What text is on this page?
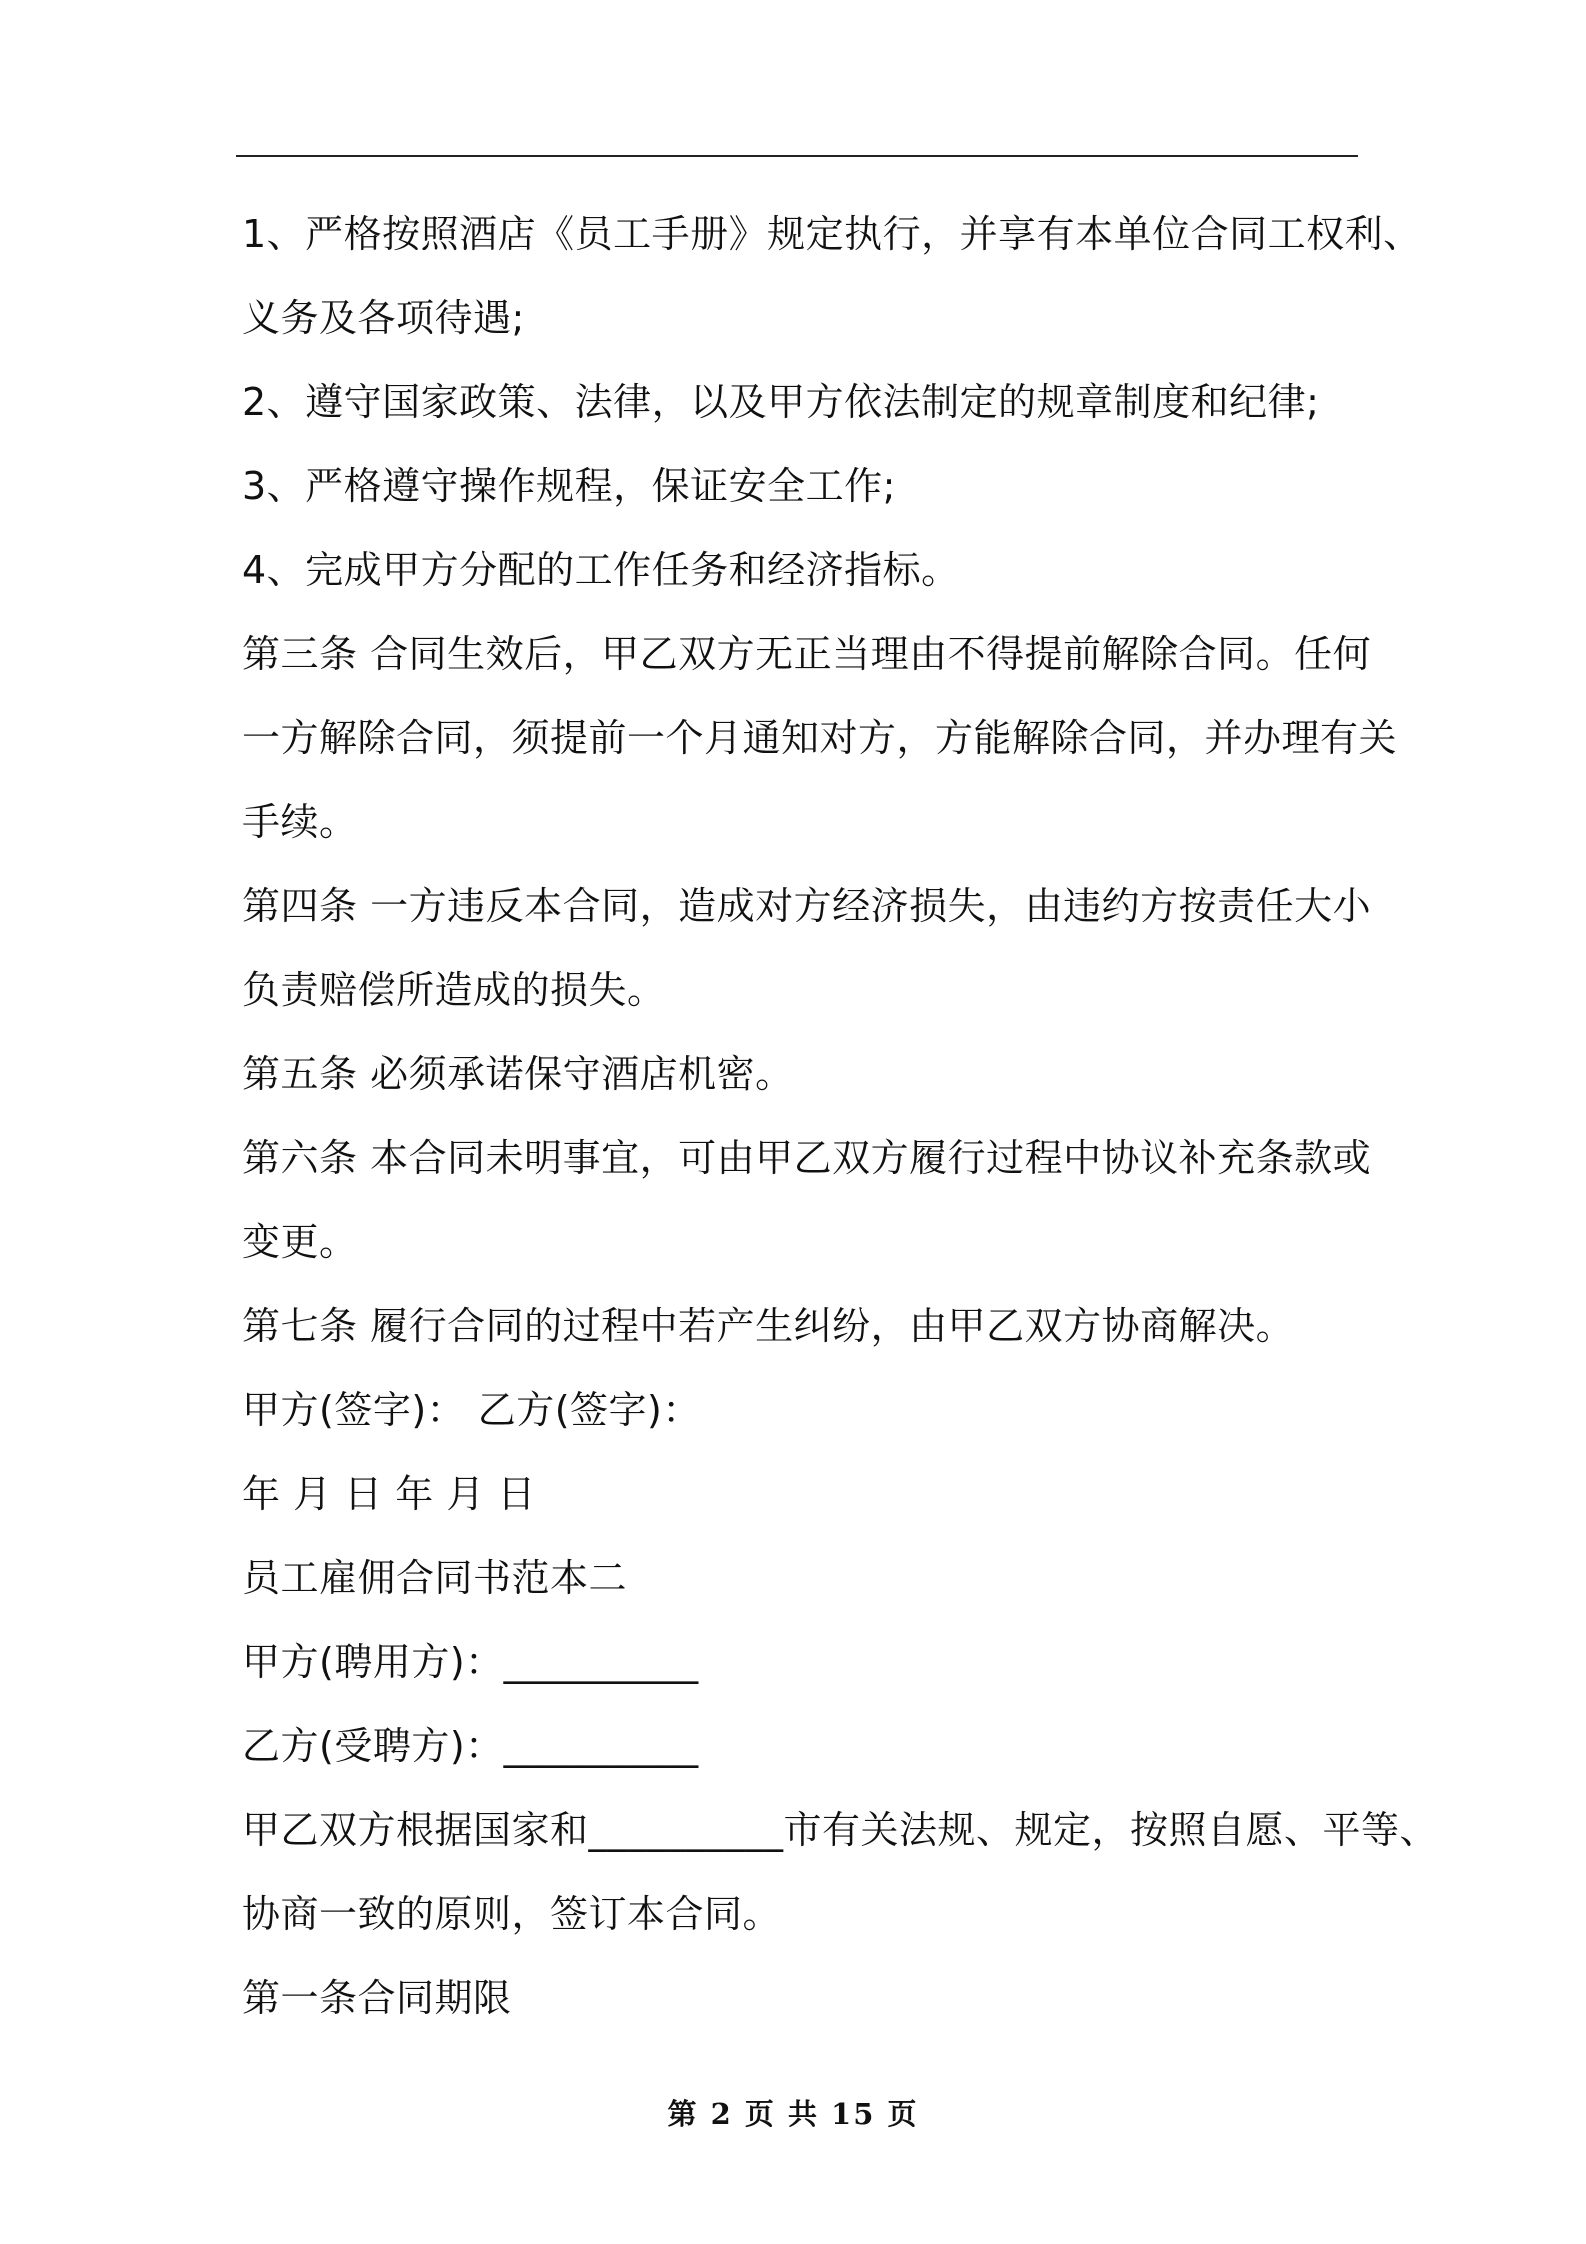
1、严格按照酒店《员工手册》规定执行，并享有本单位合同工权利、
义务及各项待遇;
2、遵守国家政策、法律，以及甲方依法制定的规章制度和纪律;
3、严格遵守操作规程，保证安全工作;
4、完成甲方分配的工作任务和经济指标。
第三条 合同生效后，甲乙双方无正当理由不得提前解除合同。任何
一方解除合同，须提前一个月通知对方，方能解除合同，并办理有关
手续。
第四条 一方违反本合同，造成对方经济损失，由违约方按责任大小
负责赔偿所造成的损失。
第五条 必须承诺保守酒店机密。
第六条 本合同未明事宜，可由甲乙双方履行过程中协议补充条款或
变更。
第七条 履行合同的过程中若产生纠纷，由甲乙双方协商解决。
甲方(签字)： 乙方(签字)：
年 月 日 年 月 日
员工雇佣合同书范本二
甲方(聘用方)：__________
乙方(受聘方)：__________
甲乙双方根据国家和__________市有关法规、规定，按照自愿、平等、
协商一致的原则，签订本合同。
第一条合同期限
第 2 页 共 15 页
